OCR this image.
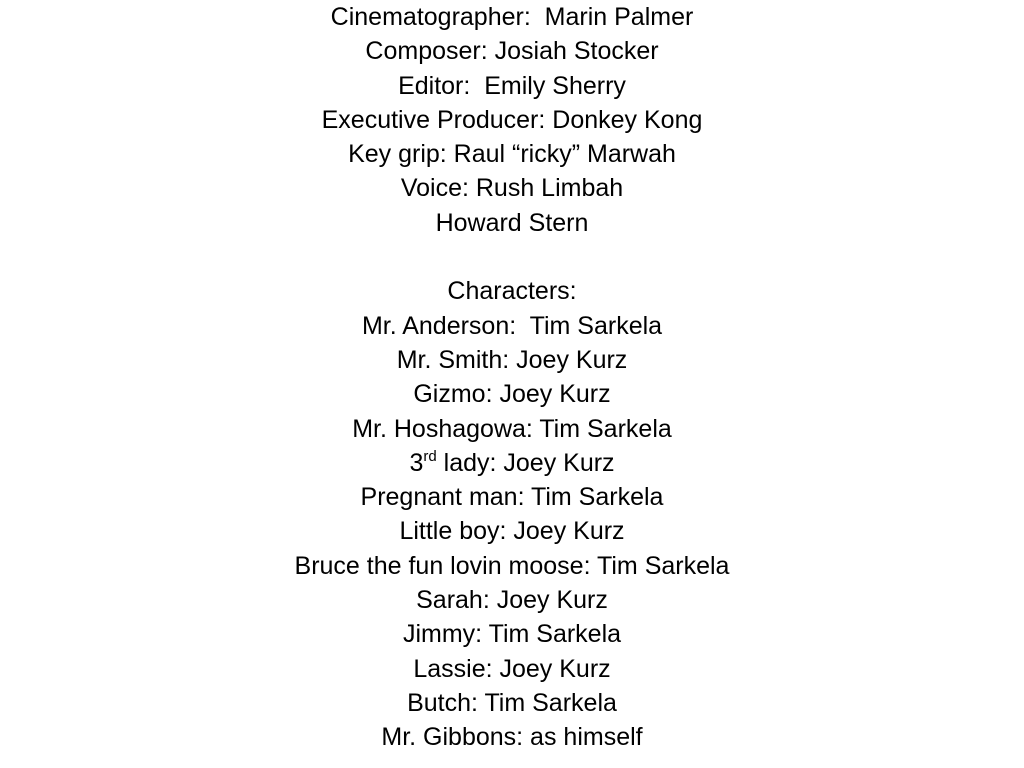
Cinematographer:  Marin Palmer
Composer: Josiah Stocker
Editor:  Emily Sherry
Executive Producer: Donkey Kong
Key grip: Raul “ricky” Marwah
Voice: Rush Limbah
Howard Stern
Characters:
Mr. Anderson:  Tim Sarkela
Mr. Smith: Joey Kurz
Gizmo: Joey Kurz
Mr. Hoshagowa: Tim Sarkela
3rd lady: Joey Kurz
Pregnant man: Tim Sarkela
Little boy: Joey Kurz
Bruce the fun lovin moose: Tim Sarkela
Sarah: Joey Kurz
Jimmy: Tim Sarkela
Lassie: Joey Kurz
Butch: Tim Sarkela
Mr. Gibbons: as himself
